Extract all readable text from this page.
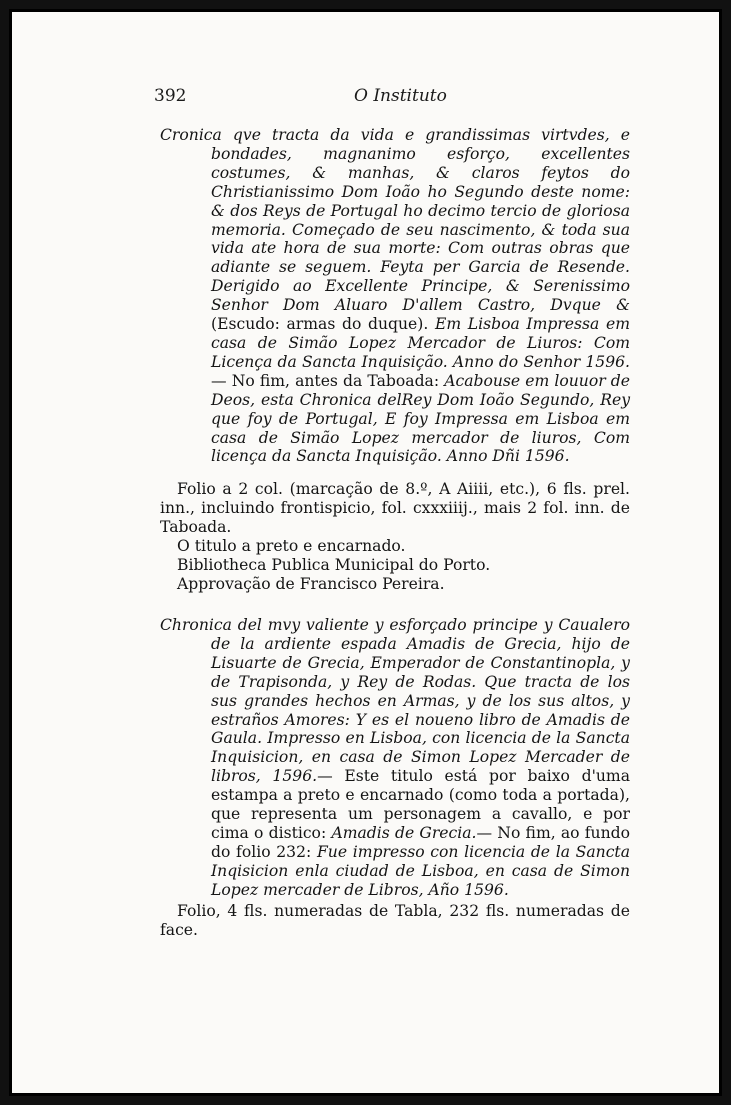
392	O Instituto

Cronica qve tracta da vida e grandissimas virtvdes, e bondades, magnanimo esforço, excellentes costumes, & manhas, & claros feytos do Christianissimo Dom Ioão ho Segundo deste nome: & dos Reys de Portugal ho decimo tercio de gloriosa memoria. Começado de seu nascimento, & toda sua vida ate hora de sua morte: Com outras obras que adiante se seguem. Feyta per Garcia de Resende. Derigido ao Excellente Principe, & Serenissimo Senhor Dom Aluaro D'allem Castro, Dvque & (Escudo: armas do duque). Em Lisboa Impressa em casa de Simão Lopez Mercador de Liuros: Com Licença da Sancta Inquisição. Anno do Senhor 1596.— No fim, antes da Taboada: Acabouse em louuor de Deos, esta Chronica delRey Dom Ioão Segundo, Rey que foy de Portugal, E foy Impressa em Lisboa em casa de Simão Lopez mercador de liuros, Com licença da Sancta Inquisição. Anno Dñi 1596.

Folio a 2 col. (marcação de 8.º, A Aiiii, etc.), 6 fls. prel. inn., incluindo frontispicio, fol. cxxxiiij., mais 2 fol. inn. de Taboada.

O titulo a preto e encarnado.

Bibliotheca Publica Municipal do Porto.

Approvação de Francisco Pereira.

Chronica del mvy valiente y esforçado principe y Caualero de la ardiente espada Amadis de Grecia, hijo de Lisuarte de Grecia, Emperador de Constantinopla, y de Trapisonda, y Rey de Rodas. Que tracta de los sus grandes hechos en Armas, y de los sus altos, y estraños Amores: Y es el noueno libro de Amadis de Gaula. Impresso en Lisboa, con licencia de la Sancta Inquisicion, en casa de Simon Lopez Mercader de libros, 1596.— Este titulo está por baixo d'uma estampa a preto e encarnado (como toda a portada), que representa um personagem a cavallo, e por cima o distico: Amadis de Grecia.— No fim, ao fundo do folio 232: Fue impresso con licencia de la Sancta Inqisicion enla ciudad de Lisboa, en casa de Simon Lopez mercader de Libros, Año 1596.

Folio, 4 fls. numeradas de Tabla, 232 fls. numeradas de face.
